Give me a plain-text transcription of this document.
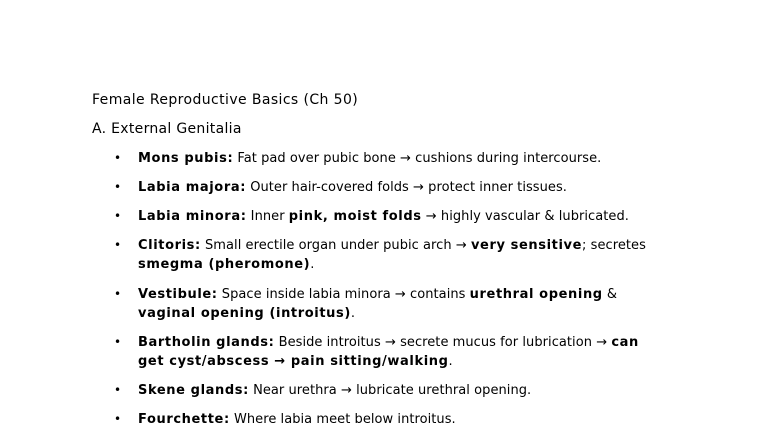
Female Reproductive Basics (Ch 50)
A. External Genitalia
• Mons pubis: Fat pad over pubic bone → cushions during intercourse.
• Labia majora: Outer hair-covered folds → protect inner tissues.
• Labia minora: Inner pink, moist folds → highly vascular & lubricated.
• Clitoris: Small erectile organ under pubic arch → very sensitive; secretes
smegma (pheromone).
• Vestibule: Space inside labia minora → contains urethral opening &
vaginal opening (introitus).
• Bartholin glands: Beside introitus → secrete mucus for lubrication → can
get cyst/abscess → pain sitting/walking.
• Skene glands: Near urethra → lubricate urethral opening.
• Fourchette: Where labia meet below introitus.
